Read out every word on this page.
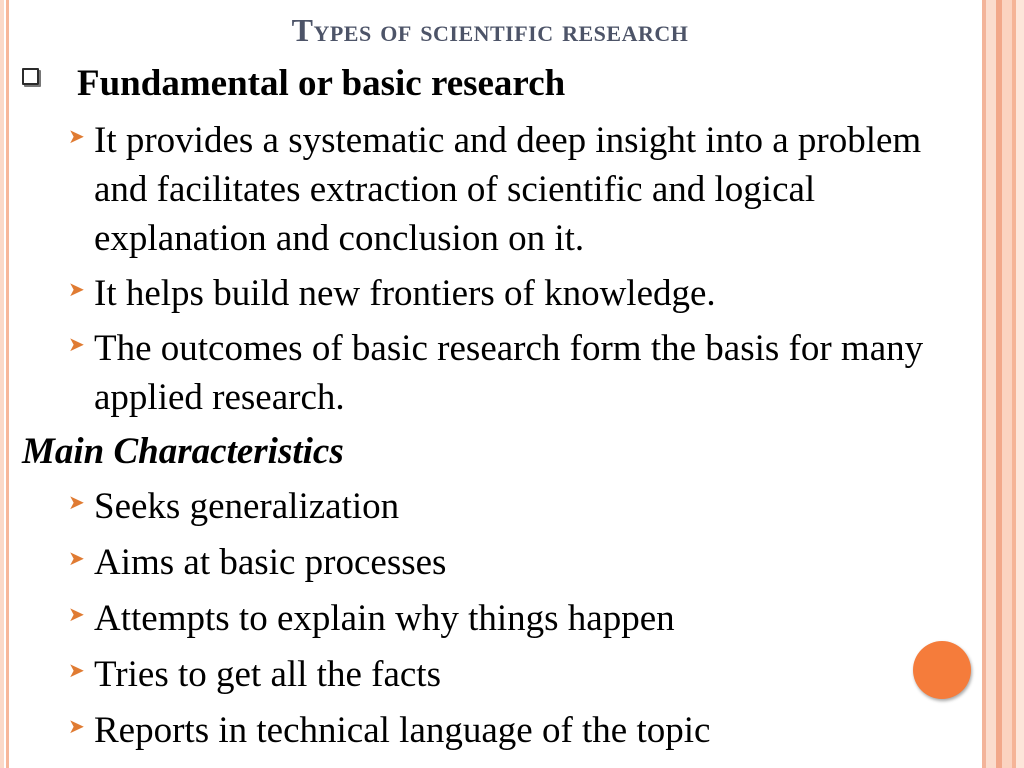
Types of scientific research
Fundamental or basic research
➤ It provides a systematic and deep insight into a problem and facilitates extraction of scientific and logical explanation and conclusion on it.
➤ It helps build new frontiers of knowledge.
➤ The outcomes of basic research form the basis for many applied research.
Main Characteristics
➤ Seeks generalization
➤ Aims at basic processes
➤ Attempts to explain why things happen
➤ Tries to get all the facts
➤ Reports in technical language of the topic
